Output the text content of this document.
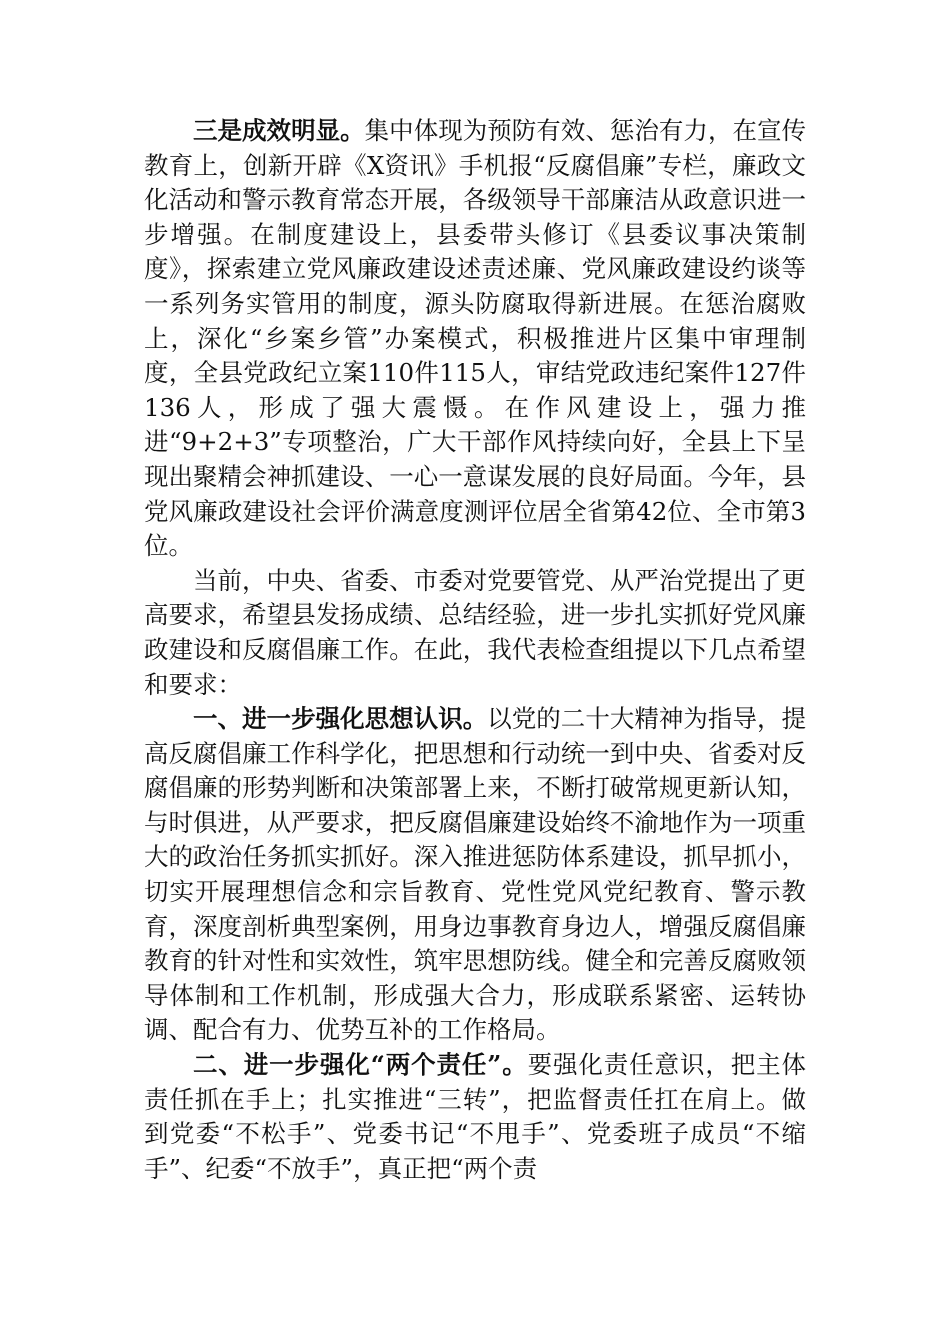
三是成效明显。集中体现为预防有效、惩治有力，在宣传教育上，创新开辟《X资讯》手机报“反腐倡廉”专栏，廉政文化活动和警示教育常态开展，各级领导干部廉洁从政意识进一步增强。在制度建设上，县委带头修订《县委议事决策制度》，探索建立党风廉政建设述责述廉、党风廉政建设约谈等一系列务实管用的制度，源头防腐取得新进展。在惩治腐败上，深化“乡案乡管”办案模式，积极推进片区集中审理制度，全县党政纪立案110件115人，审结党政违纪案件127件136人，形成了强大震慑。在作风建设上，强力推进“9+2+3”专项整治，广大干部作风持续向好，全县上下呈现出聚精会神抓建设、一心一意谋发展的良好局面。今年，县党风廉政建设社会评价满意度测评位居全省第42位、全市第3位。

当前，中央、省委、市委对党要管党、从严治党提出了更高要求，希望县发扬成绩、总结经验，进一步扎实抓好党风廉政建设和反腐倡廉工作。在此，我代表检查组提以下几点希望和要求：

一、进一步强化思想认识。以党的二十大精神为指导，提高反腐倡廉工作科学化，把思想和行动统一到中央、省委对反腐倡廉的形势判断和决策部署上来，不断打破常规更新认知，与时俱进，从严要求，把反腐倡廉建设始终不渝地作为一项重大的政治任务抓实抓好。深入推进惩防体系建设，抓早抓小，切实开展理想信念和宗旨教育、党性党风党纪教育、警示教育，深度剖析典型案例，用身边事教育身边人，增强反腐倡廉教育的针对性和实效性，筑牢思想防线。健全和完善反腐败领导体制和工作机制，形成强大合力，形成联系紧密、运转协调、配合有力、优势互补的工作格局。

二、进一步强化“两个责任”。要强化责任意识，把主体责任抓在手上；扎实推进“三转”，把监督责任扛在肩上。做到党委“不松手”、党委书记“不甩手”、党委班子成员“不缩手”、纪委“不放手”，真正把“两个责
